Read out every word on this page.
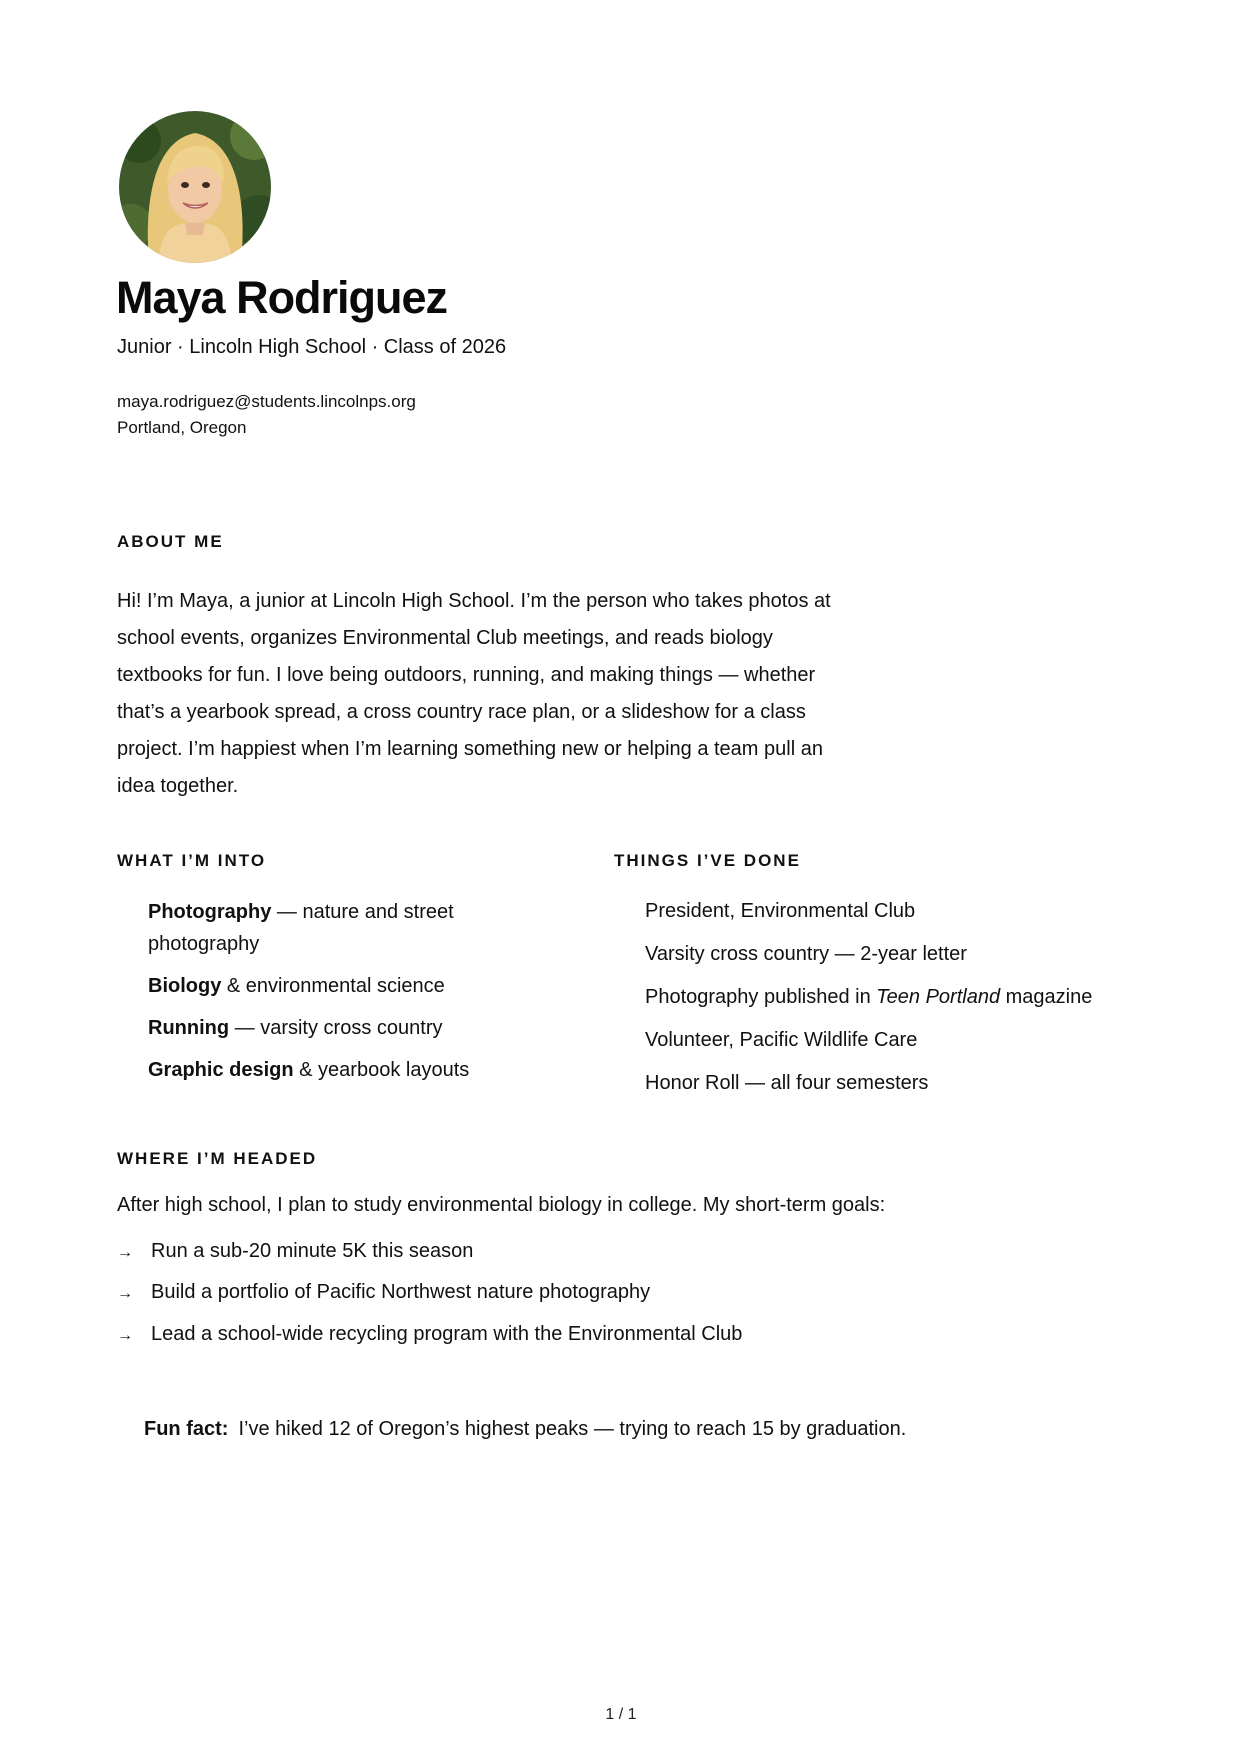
Maya Rodriguez
Junior · Lincoln High School · Class of 2026
maya.rodriguez@students.lincolnps.org
Portland, Oregon
ABOUT ME

Hi! I’m Maya, a junior at Lincoln High School. I’m the person who takes photos at school events, organizes Environmental Club meetings, and reads biology textbooks for fun. I love being outdoors, running, and making things — whether that’s a yearbook spread, a cross country race plan, or a slideshow for a class project. I’m happiest when I’m learning something new or helping a team pull an idea together.

WHAT I’M INTO
Photography — nature and street photography
Biology & environmental science
Running — varsity cross country
Graphic design & yearbook layouts
THINGS I’VE DONE
President, Environmental Club
Varsity cross country — 2-year letter
Photography published in Teen Portland magazine
Volunteer, Pacific Wildlife Care
Honor Roll — all four semesters
WHERE I’M HEADED
After high school, I plan to study environmental biology in college. My short-term goals:
→ Run a sub-20 minute 5K this season
→ Build a portfolio of Pacific Northwest nature photography
→ Lead a school-wide recycling program with the Environmental Club
Fun fact: I’ve hiked 12 of Oregon’s highest peaks — trying to reach 15 by graduation.
1 / 1
